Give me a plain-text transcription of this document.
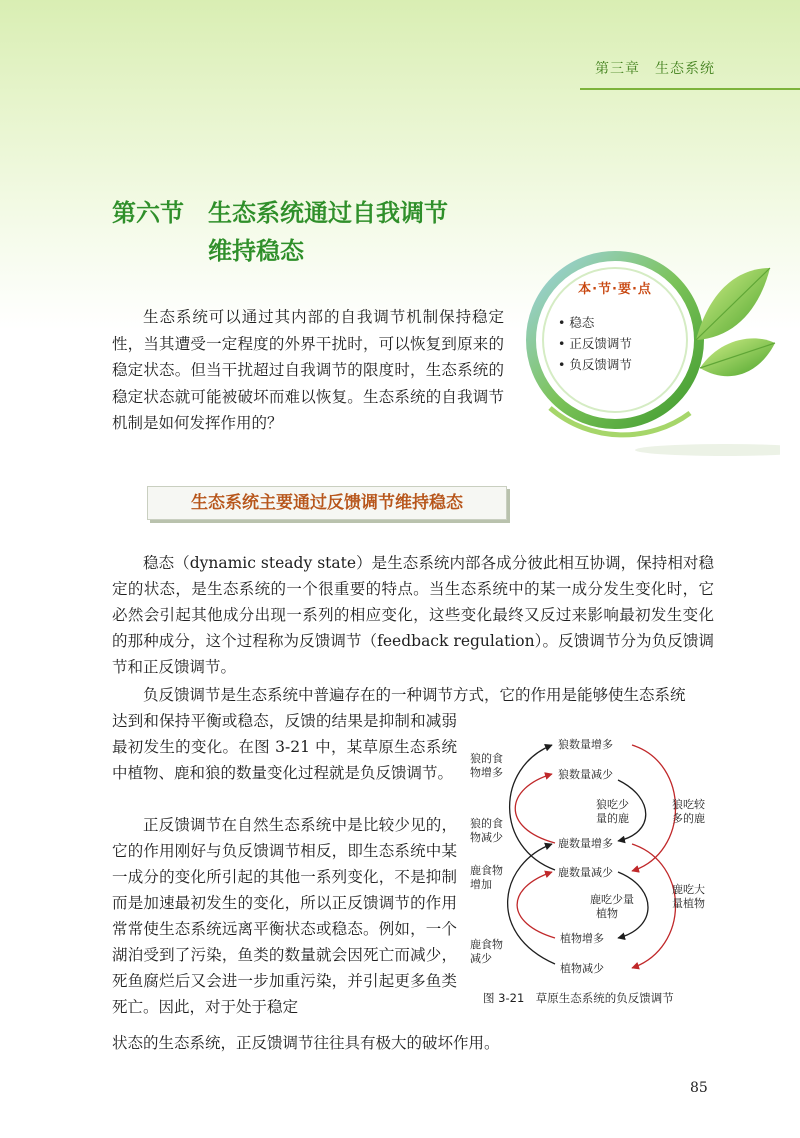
第三章　生态系统
第六节 生态系统通过自我调节
维持稳态
生态系统可以通过其内部的自我调节机制保持稳定性，当其遭受一定程度的外界干扰时，可以恢复到原来的稳定状态。但当干扰超过自我调节的限度时，生态系统的稳定状态就可能被破坏而难以恢复。生态系统的自我调节机制是如何发挥作用的？
本·节·要·点
• 稳态
• 正反馈调节
• 负反馈调节
生态系统主要通过反馈调节维持稳态
稳态（dynamic steady state）是生态系统内部各成分彼此相互协调，保持相对稳定的状态，是生态系统的一个很重要的特点。当生态系统中的某一成分发生变化时，它必然会引起其他成分出现一系列的相应变化，这些变化最终又反过来影响最初发生变化的那种成分，这个过程称为反馈调节（feedback regulation）。反馈调节分为负反馈调节和正反馈调节。
负反馈调节是生态系统中普遍存在的一种调节方式，它的作用是能够使生态系统
达到和保持平衡或稳态，反馈的结果是抑制和减弱最初发生的变化。在图 3-21 中，某草原生态系统中植物、鹿和狼的数量变化过程就是负反馈调节。
正反馈调节在自然生态系统中是比较少见的，它的作用刚好与负反馈调节相反，即生态系统中某一成分的变化所引起的其他一系列变化，不是抑制而是加速最初发生的变化，所以正反馈调节的作用常常使生态系统远离平衡状态或稳态。例如，一个湖泊受到了污染，鱼类的数量就会因死亡而减少，死鱼腐烂后又会进一步加重污染，并引起更多鱼类死亡。因此，对于处于稳定
状态的生态系统，正反馈调节往往具有极大的破坏作用。
狼数量增多
狼数量减少
鹿数量增多
鹿数量减少
植物增多
植物减少
狼的食
物增多
狼的食
物减少
狼吃少
量的鹿
狼吃较
多的鹿
鹿食物
增加
鹿吃少量
植物
鹿吃大
量植物
鹿食物
减少
图 3-21　草原生态系统的负反馈调节
85
